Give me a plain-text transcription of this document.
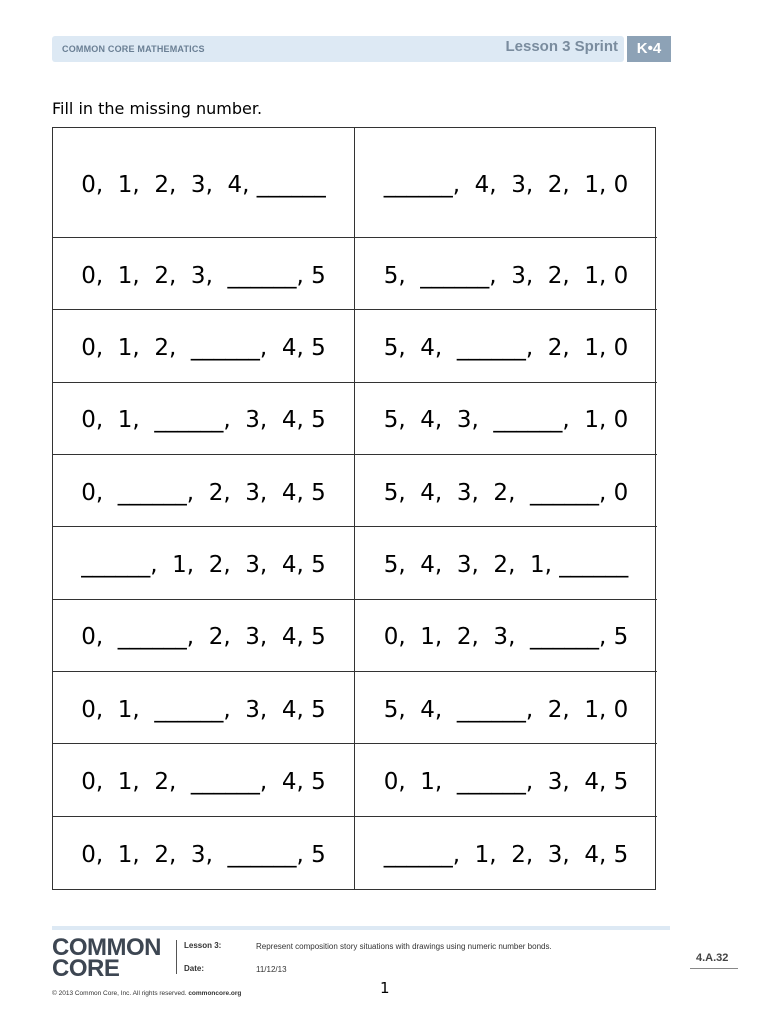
COMMON CORE MATHEMATICS	Lesson 3 Sprint	K•4
Fill in the missing number.
0,  1,  2,  3,  4, ______	______,  4,  3,  2,  1, 0
0,  1,  2,  3,  ______, 5	5,  ______,  3,  2,  1, 0
0,  1,  2,  ______,  4, 5	5,  4,  ______,  2,  1, 0
0,  1,  ______,  3,  4, 5	5,  4,  3,  ______,  1, 0
0,  ______,  2,  3,  4, 5	5,  4,  3,  2,  ______, 0
______,  1,  2,  3,  4, 5	5,  4,  3,  2,  1, ______
0,  ______,  2,  3,  4, 5	0,  1,  2,  3,  ______, 5
0,  1,  ______,  3,  4, 5	5,  4,  ______,  2,  1, 0
0,  1,  2,  ______,  4, 5	0,  1,  ______,  3,  4, 5
0,  1,  2,  3,  ______, 5	______,  1,  2,  3,  4, 5
COMMON
CORE
Lesson 3:
Date:
Represent composition story situations with drawings using numeric number bonds.
11/12/13
1
4.A.32
© 2013 Common Core, Inc. All rights reserved. commoncore.org
